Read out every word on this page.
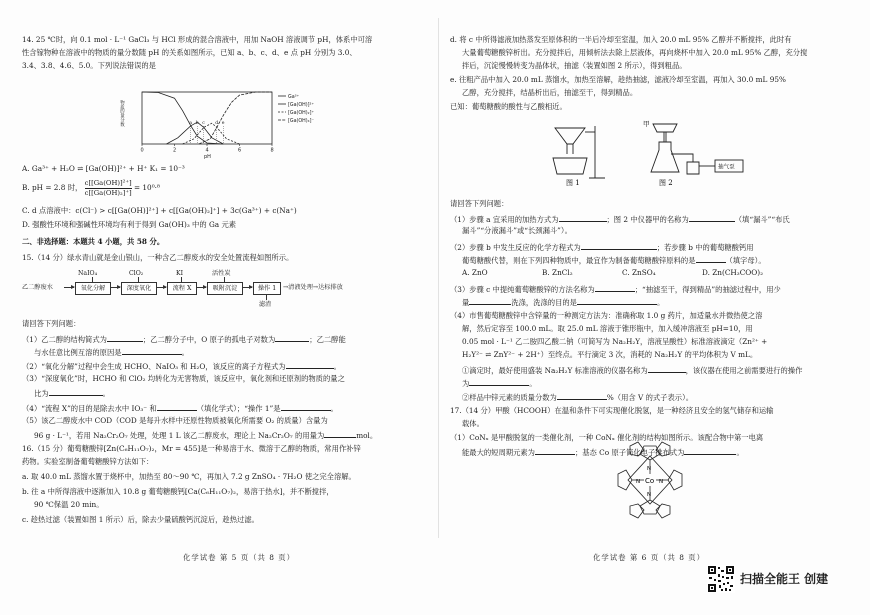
14. 25 ℃时，向 0.1 mol · L⁻¹ GaCl₃ 与 HCl 形成的混合溶液中，用加 NaOH 溶液调节 pH，体系中可溶
性含镓物种在溶液中的物质的量分数随 pH 的关系如图所示，已知 a、b、c、d、e 点 pH 分别为 3.0、
3.4、3.8、4.6、5.0。下列说法错误的是
Ga³⁺
[Ga(OH)]²⁺
[Ga(OH)₂]⁺
[Ga(OH)₄]⁻
0	2	4	6	8
a b c d e
pH
物质的量分数
A. Ga³⁺ + H₂O ⇌ [Ga(OH)]²⁺ + H⁺ K₁ = 10⁻³
B. pH = 2.8 时， $\frac{\text{c[[Ga(OH)]²⁺]}}{\text{c[[Ga(OH)₂]⁺]}} = 10^0\cdot^8$
C. d 点溶液中：c(Cl⁻) > c[[Ga(OH)]²⁺] + c[[Ga(OH)₂]⁺] + 3c(Ga³⁺) + c(Na⁺)
D. 强酸性环境和强碱性环境均有利于得到 Ga(OH)₃ 中的 Ga 元素
二、非选择题：本题共 4 小题，共 58 分。
15.（14 分）绿水青山就是金山银山，一种含乙二醇废水的安全处置流程如图所示。
乙二醇废水	氧化分解
NaIO₄
深度氧化
ClO₂
流程 X
KI
吸附沉淀
活性炭
操作 1	→清液处理→达标排放
滤渣
请回答下列问题：
（1）乙二醇的结构简式为	；乙二醇分子中，O 原子的孤电子对数为	；乙二醇能
与水任意比例互溶的原因是	。
（2）“氧化分解”过程中会生成 HCHO、NaIO₃ 和 H₂O，该反应的离子方程式为	。
（3）“深度氧化”时，HCHO 和 ClO₂ 均转化为无害物质，该反应中，氧化剂和还原剂的物质的量之
比为	。
（4）“流程 X”的目的是除去水中 IO₃⁻ 和	（填化学式）；“操作 1”是	。
（5）该乙二醇废水中 COD（COD 是每升水样中还原性物质被氧化所需要 O₂ 的质量）含量为
96 g · L⁻¹，若用 Na₂Cr₂O₇ 处理，处理 1 L 该乙二醇废水，理论上 Na₂Cr₂O₇ 的用量为	mol。
16.（15 分）葡萄糖酸锌[Zn(C₆H₁₁O₇)₂，Mr = 455]是一种易溶于水、微溶于乙醇的物质，常用作补锌
药物。实验室制备葡萄糖酸锌方法如下：
a. 取 40.0 mL 蒸馏水置于烧杯中，加热至 80～90 ℃，再加入 7.2 g ZnSO₄ · 7H₂O 使之完全溶解。
b. 往 a 中所得溶液中逐渐加入 10.8 g 葡萄糖酸钙[Ca(C₆H₁₁O₇)₂，易溶于热水]，并不断搅拌，
90 ℃保温 20 min。
c. 趁热过滤（装置如图 1 所示）后，除去少量硫酸钙沉淀后，趁热过滤。
d. 将 c 中所得滤液加热蒸发至原体积的一半后冷却至室温，加入 20.0 mL 95% 乙醇并不断搅拌，此时有
大量葡萄糖酸锌析出。充分搅拌后，用倾析法去除上层液体，再向烧杯中加入 20.0 mL 95% 乙醇，充分搅
拌后，沉淀慢慢转变为晶体状，抽滤（装置如图 2 所示），得到粗品。
e. 往粗产品中加入 20.0 mL 蒸馏水，加热至溶解，趁热抽滤，滤液冷却至室温，再加入 30.0 mL 95%
乙醇，充分搅拌，结晶析出后，抽滤至干，得到精品。
已知：葡萄糖酸的酸性与乙酸相近。
图 1	图 2
甲
抽气泵
请回答下列问题：
（1）步骤 a 宜采用的加热方式为	；图 2 中仪器甲的名称为	（填“漏斗”“布氏
漏斗”“分液漏斗”或“长颈漏斗”）。
（2）步骤 b 中发生反应的化学方程式为	；若步骤 b 中的葡萄糖酸钙用
葡萄糖酸代替，则在下列四种物质中，最宜作为制备葡萄糖酸锌原料的是	（填字母）。
A. ZnO	B. ZnCl₂	C. ZnSO₄	D. Zn(CH₃COO)₂
（3）步骤 c 中提纯葡萄糖酸锌的方法名称为	；“抽滤至干，得到精品”的抽滤过程中，用少
量	洗涤，洗涤的目的是	。
（4）市售葡萄糖酸锌中含锌量的一种测定方法为：准确称取 1.0 g 药片，加适量水并微热使之溶
解，然后定容至 100.0 mL。取 25.0 mL 溶液于锥形瓶中，加入缓冲溶液至 pH=10，用
0.05 mol · L⁻¹ 乙二胺四乙酸二钠（可简写为 Na₂H₂Y，溶液呈酸性）标准溶液滴定（Zn²⁺ +
H₂Y²⁻ ⇌ ZnY²⁻ + 2H⁺）至终点。平行滴定 3 次，消耗的 Na₂H₂Y 的平均体积为 V mL。
①滴定时，最好使用盛装 Na₂H₂Y 标准溶液的仪器名称为	，该仪器在使用之前需要进行的操作
为	。
②样品中锌元素的质量分数为	%（用含 V 的式子表示）。
17.（14 分）甲酸（HCOOH）在温和条件下可实现催化脱氢，是一种经济且安全的氢气储存和运输
载体。
（1）CoNₓ 是甲酸脱氢的一类催化剂，一种 CoNₓ 催化剂的结构如图所示。该配合物中第一电离
能最大的短周期元素为	；基态 Co 原子简化电子排布式为	。
Co
N
N
N	N
化学试卷 第 5 页（共 8 页）	化学试卷 第 6 页（共 8 页）
扫描全能王 创建
